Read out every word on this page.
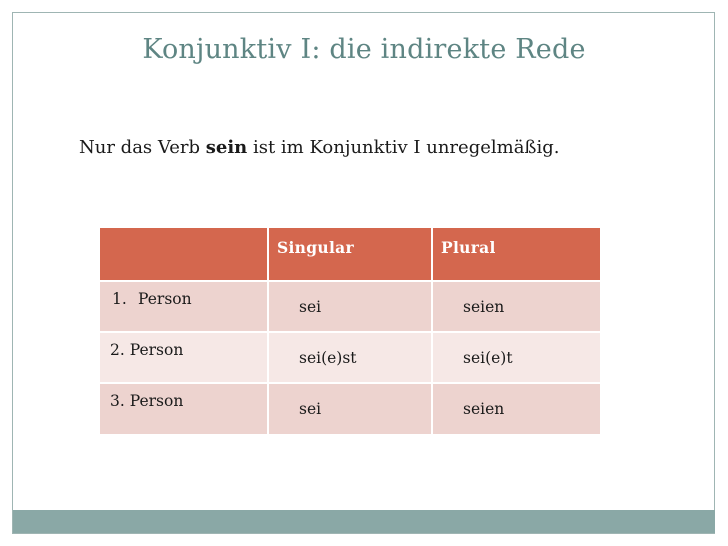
Konjunktiv I: die indirekte Rede
Nur das Verb sein ist im Konjunktiv I unregelmäßig.
	Singular	Plural
1. Person	sei	seien
2. Person	sei(e)st	sei(e)t
3. Person	sei	seien
